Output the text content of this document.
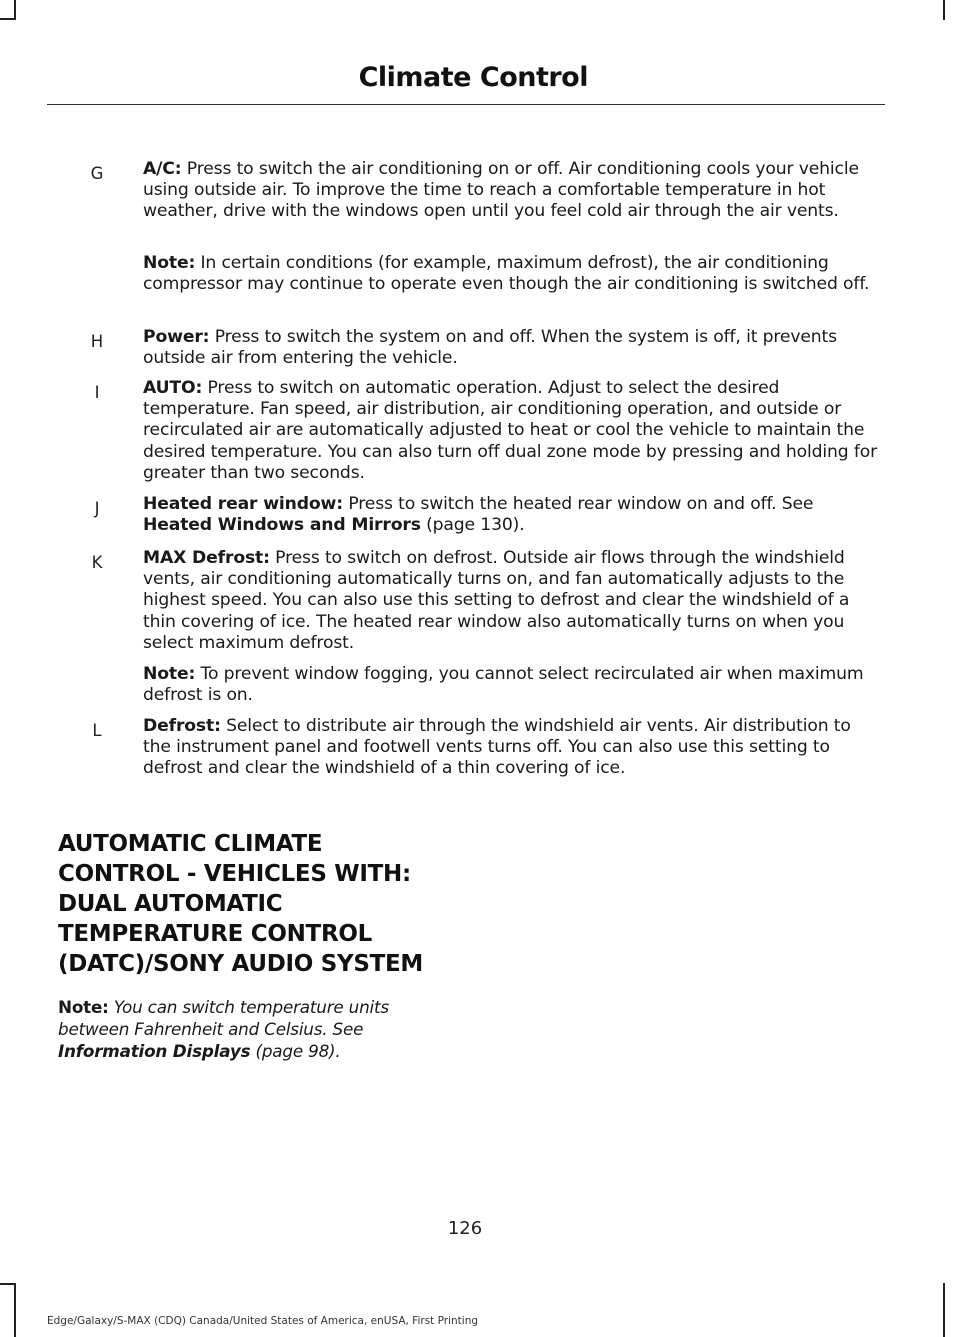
Climate Control
G	A/C: Press to switch the air conditioning on or off. Air conditioning cools your vehicle using outside air. To improve the time to reach a comfortable temperature in hot weather, drive with the windows open until you feel cold air through the air vents.
Note: In certain conditions (for example, maximum defrost), the air conditioning compressor may continue to operate even though the air conditioning is switched off.
H	Power: Press to switch the system on and off. When the system is off, it prevents outside air from entering the vehicle.
I	AUTO: Press to switch on automatic operation. Adjust to select the desired temperature. Fan speed, air distribution, air conditioning operation, and outside or recirculated air are automatically adjusted to heat or cool the vehicle to maintain the desired temperature. You can also turn off dual zone mode by pressing and holding for greater than two seconds.
J	Heated rear window: Press to switch the heated rear window on and off. See Heated Windows and Mirrors (page 130).
K	MAX Defrost: Press to switch on defrost. Outside air flows through the windshield vents, air conditioning automatically turns on, and fan automatically adjusts to the highest speed. You can also use this setting to defrost and clear the windshield of a thin covering of ice. The heated rear window also automatically turns on when you select maximum defrost.
Note: To prevent window fogging, you cannot select recirculated air when maximum defrost is on.
L	Defrost: Select to distribute air through the windshield air vents. Air distribution to the instrument panel and footwell vents turns off. You can also use this setting to defrost and clear the windshield of a thin covering of ice.
AUTOMATIC CLIMATE
CONTROL - VEHICLES WITH:
DUAL AUTOMATIC
TEMPERATURE CONTROL
(DATC)/SONY AUDIO SYSTEM
Note: You can switch temperature units between Fahrenheit and Celsius. See Information Displays (page 98).
126
Edge/Galaxy/S-MAX (CDQ) Canada/United States of America, enUSA, First Printing
